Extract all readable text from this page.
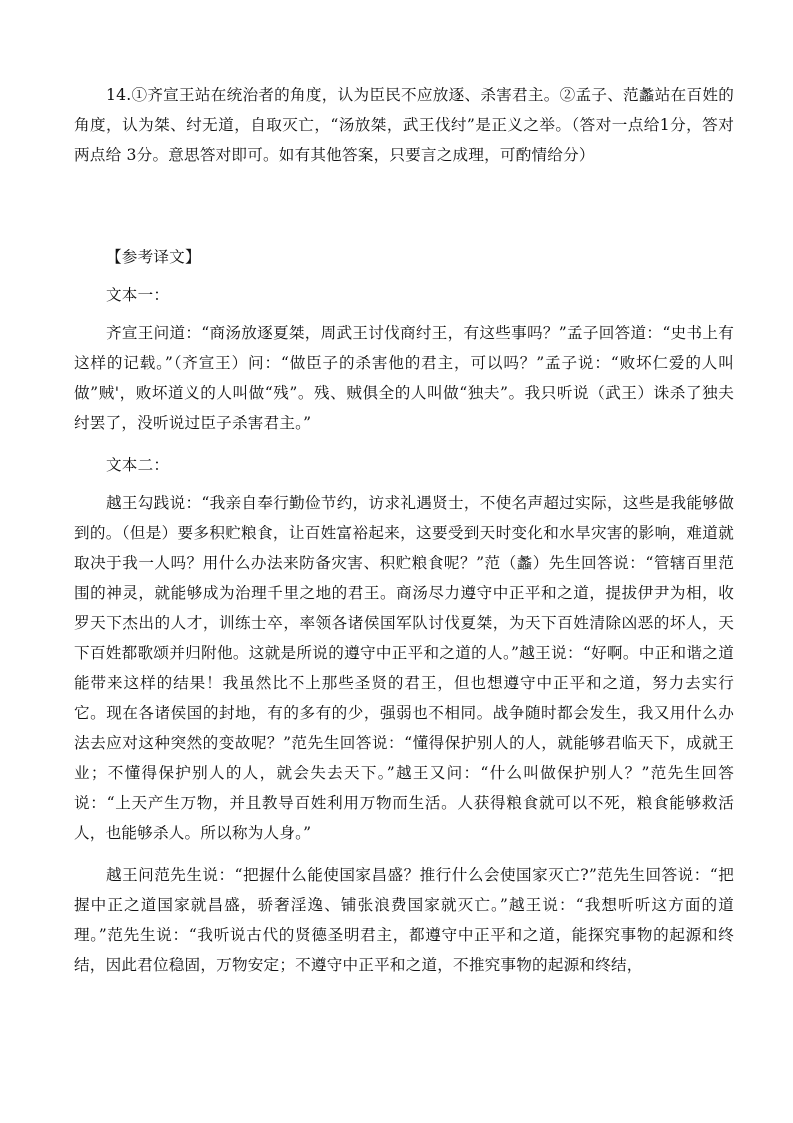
14.①齐宣王站在统治者的角度，认为臣民不应放逐、杀害君主。②孟子、范蠡站在百姓的角度，认为桀、纣无道，自取灭亡，“汤放桀，武王伐纣”是正义之举。（答对一点给1分，答对两点给 3分。意思答对即可。如有其他答案，只要言之成理，可酌情给分）

【参考译文】

文本一：

齐宣王问道：“商汤放逐夏桀，周武王讨伐商纣王，有这些事吗？”孟子回答道：“史书上有这样的记载。”（齐宣王）问：“做臣子的杀害他的君主，可以吗？”孟子说：“败坏仁爱的人叫做”贼'，败坏道义的人叫做“残”。残、贼俱全的人叫做“独夫”。我只听说（武王）诛杀了独夫纣罢了，没听说过臣子杀害君主。”

文本二：

越王勾践说：“我亲自奉行勤俭节约，访求礼遇贤士，不使名声超过实际，这些是我能够做到的。（但是）要多积贮粮食，让百姓富裕起来，这要受到天时变化和水旱灾害的影响，难道就取决于我一人吗？用什么办法来防备灾害、积贮粮食呢？”范（蠡）先生回答说：“管辖百里范围的神灵，就能够成为治理千里之地的君王。商汤尽力遵守中正平和之道，提拔伊尹为相，收罗天下杰出的人才，训练士卒，率领各诸侯国军队讨伐夏桀，为天下百姓清除凶恶的坏人，天下百姓都歌颂并归附他。这就是所说的遵守中正平和之道的人。”越王说：“好啊。中正和谐之道能带来这样的结果！我虽然比不上那些圣贤的君王，但也想遵守中正平和之道，努力去实行它。现在各诸侯国的封地，有的多有的少，强弱也不相同。战争随时都会发生，我又用什么办法去应对这种突然的变故呢？”范先生回答说：“懂得保护别人的人，就能够君临天下，成就王业；不懂得保护别人的人，就会失去天下。”越王又问：“什么叫做保护别人？”范先生回答说：“上天产生万物，并且教导百姓利用万物而生活。人获得粮食就可以不死，粮食能够救活人，也能够杀人。所以称为人身。”

越王问范先生说：“把握什么能使国家昌盛？推行什么会使国家灭亡?”范先生回答说：“把握中正之道国家就昌盛，骄奢淫逸、铺张浪费国家就灭亡。”越王说：“我想听听这方面的道理。”范先生说：“我听说古代的贤德圣明君主，都遵守中正平和之道，能探究事物的起源和终结，因此君位稳固，万物安定；不遵守中正平和之道，不推究事物的起源和终结，
